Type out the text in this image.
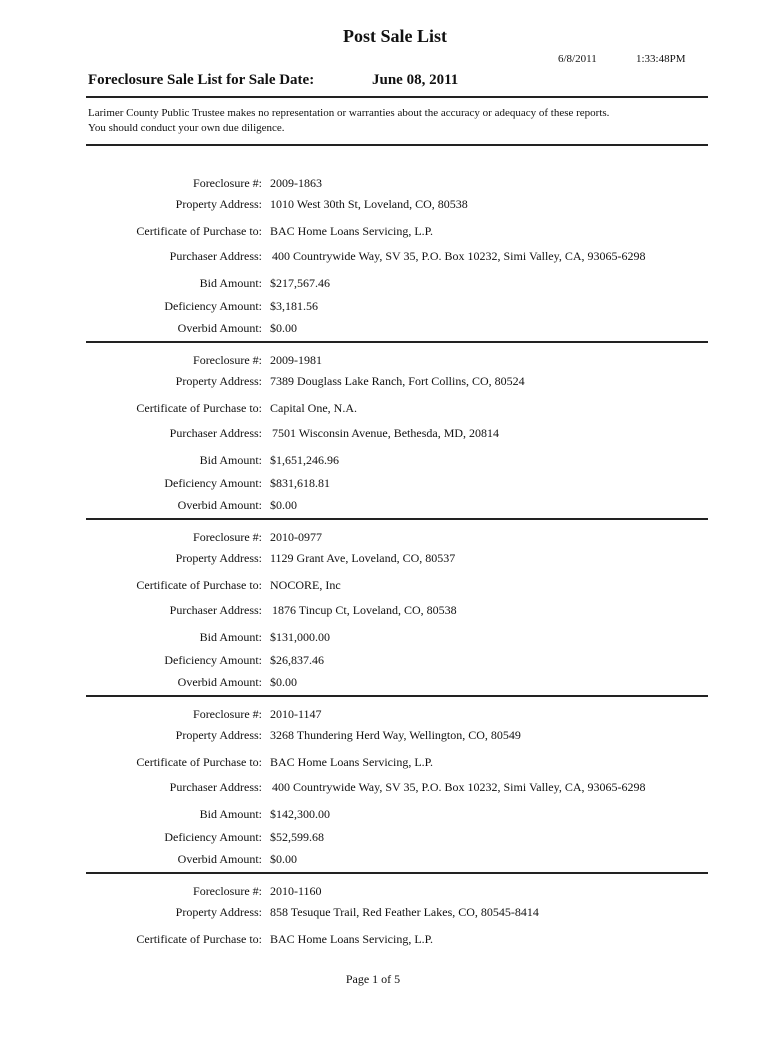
Post Sale List
6/8/2011	1:33:48PM
Foreclosure Sale List for Sale Date:	June 08, 2011
Larimer County Public Trustee makes no representation or warranties about the accuracy or adequacy of these reports.
You should conduct your own due diligence.
Foreclosure #: 2009-1863
Property Address: 1010 West 30th St, Loveland, CO, 80538
Certificate of Purchase to: BAC Home Loans Servicing, L.P.
Purchaser Address: 400 Countrywide Way, SV 35, P.O. Box 10232, Simi Valley, CA, 93065-6298
Bid Amount: $217,567.46
Deficiency Amount: $3,181.56
Overbid Amount: $0.00
Foreclosure #: 2009-1981
Property Address: 7389 Douglass Lake Ranch, Fort Collins, CO, 80524
Certificate of Purchase to: Capital One, N.A.
Purchaser Address: 7501 Wisconsin Avenue, Bethesda, MD, 20814
Bid Amount: $1,651,246.96
Deficiency Amount: $831,618.81
Overbid Amount: $0.00
Foreclosure #: 2010-0977
Property Address: 1129 Grant Ave, Loveland, CO, 80537
Certificate of Purchase to: NOCORE, Inc
Purchaser Address: 1876 Tincup Ct, Loveland, CO, 80538
Bid Amount: $131,000.00
Deficiency Amount: $26,837.46
Overbid Amount: $0.00
Foreclosure #: 2010-1147
Property Address: 3268 Thundering Herd Way, Wellington, CO, 80549
Certificate of Purchase to: BAC Home Loans Servicing, L.P.
Purchaser Address: 400 Countrywide Way, SV 35, P.O. Box 10232, Simi Valley, CA, 93065-6298
Bid Amount: $142,300.00
Deficiency Amount: $52,599.68
Overbid Amount: $0.00
Foreclosure #: 2010-1160
Property Address: 858 Tesuque Trail, Red Feather Lakes, CO, 80545-8414
Certificate of Purchase to: BAC Home Loans Servicing, L.P.
Page 1 of 5
